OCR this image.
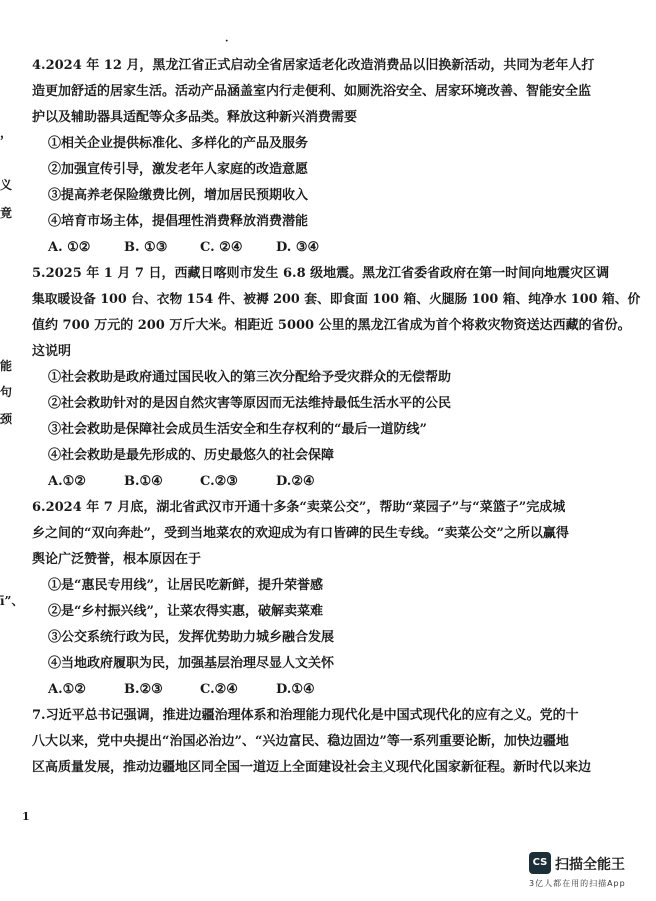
·
，
义
竟
能
句
颈
ī”、
4.2024 年 12 月，黑龙江省正式启动全省居家适老化改造消费品以旧换新活动，共同为老年人打
造更加舒适的居家生活。活动产品涵盖室内行走便利、如厕洗浴安全、居家环境改善、智能安全监
护以及辅助器具适配等众多品类。释放这种新兴消费需要
①相关企业提供标准化、多样化的产品及服务
②加强宣传引导，激发老年人家庭的改造意愿
③提高养老保险缴费比例，增加居民预期收入
④培育市场主体，提倡理性消费释放消费潜能
A. ①②	B. ①③	C. ②④	D. ③④
5.2025 年 1 月 7 日，西藏日喀则市发生 6.8 级地震。黑龙江省委省政府在第一时间向地震灾区调
集取暖设备 100 台、衣物 154 件、被褥 200 套、即食面 100 箱、火腿肠 100 箱、纯净水 100 箱、价
值约 700 万元的 200 万斤大米。相距近 5000 公里的黑龙江省成为首个将救灾物资送达西藏的省份。
这说明
①社会救助是政府通过国民收入的第三次分配给予受灾群众的无偿帮助
②社会救助针对的是因自然灾害等原因而无法维持最低生活水平的公民
③社会救助是保障社会成员生活安全和生存权利的“最后一道防线”
④社会救助是最先形成的、历史最悠久的社会保障
A.①②	B.①④	C.②③	D.②④
6.2024 年 7 月底，湖北省武汉市开通十多条“卖菜公交”，帮助“菜园子”与“菜篮子”完成城
乡之间的“双向奔赴”，受到当地菜农的欢迎成为有口皆碑的民生专线。“卖菜公交”之所以赢得
舆论广泛赞誉，根本原因在于
①是“惠民专用线”，让居民吃新鲜，提升荣誉感
②是“乡村振兴线”，让菜农得实惠，破解卖菜难
③公交系统行政为民，发挥优势助力城乡融合发展
④当地政府履职为民，加强基层治理尽显人文关怀
A.①②	B.②③	C.②④	D.①④
7.习近平总书记强调，推进边疆治理体系和治理能力现代化是中国式现代化的应有之义。党的十
八大以来，党中央提出“治国必治边”、“兴边富民、稳边固边”等一系列重要论断，加快边疆地
区高质量发展，推动边疆地区同全国一道迈上全面建设社会主义现代化国家新征程。新时代以来边
1
CS 扫描全能王
3亿人都在用的扫描App
